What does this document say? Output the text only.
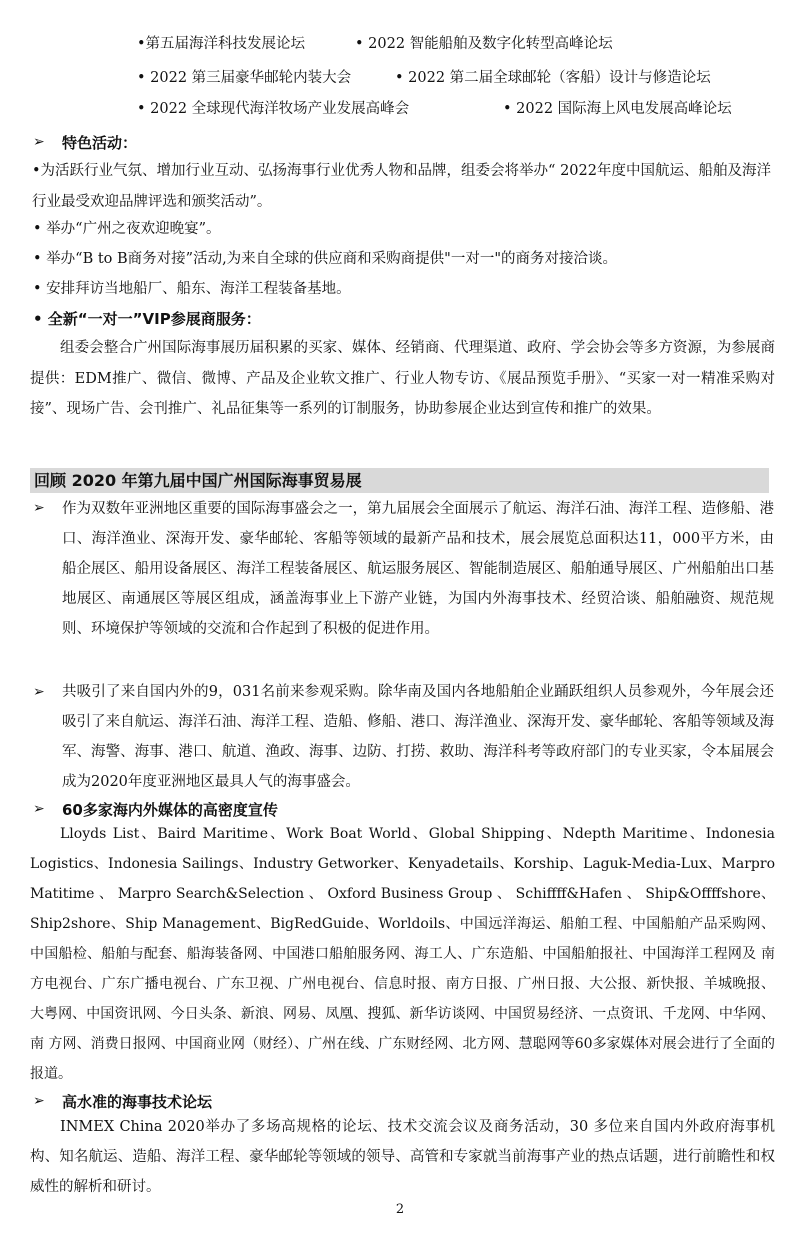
•第五届海洋科技发展论坛	• 2022 智能船舶及数字化转型高峰论坛
• 2022 第三届豪华邮轮内装大会	• 2022 第二届全球邮轮（客船）设计与修造论坛
• 2022 全球现代海洋牧场产业发展高峰会	• 2022 国际海上风电发展高峰论坛
➢ 特色活动：

•为活跃行业气氛、增加行业互动、弘扬海事行业优秀人物和品牌，组委会将举办“ 2022年度中国航运、船舶及海洋行业最受欢迎品牌评选和颁奖活动”。

• 举办“广州之夜欢迎晚宴”。
• 举办“B to B商务对接”活动,为来自全球的供应商和采购商提供"一对一"的商务对接洽谈。
• 安排拜访当地船厂、船东、海洋工程装备基地。
• 全新“一对一”VIP参展商服务：
组委会整合广州国际海事展历届积累的买家、媒体、经销商、代理渠道、政府、学会协会等多方资源，为参展商提供：EDM推广、微信、微博、产品及企业软文推广、行业人物专访、《展品预览手册》、“买家一对一精准采购对接”、现场广告、会刊推广、礼品征集等一系列的订制服务，协助参展企业达到宣传和推广的效果。
回顾 2020 年第九届中国广州国际海事贸易展
➢ 作为双数年亚洲地区重要的国际海事盛会之一，第九届展会全面展示了航运、海洋石油、海洋工程、造修船、港口、海洋渔业、深海开发、豪华邮轮、客船等领域的最新产品和技术，展会展览总面积达11，000平方米，由船企展区、船用设备展区、海洋工程装备展区、航运服务展区、智能制造展区、船舶通导展区、广州船舶出口基地展区、南通展区等展区组成，涵盖海事业上下游产业链，为国内外海事技术、经贸洽谈、船舶融资、规范规则、环境保护等领域的交流和合作起到了积极的促进作用。
➢ 共吸引了来自国内外的9，031名前来参观采购。除华南及国内各地船舶企业踊跃组织人员参观外，今年展会还吸引了来自航运、海洋石油、海洋工程、造船、修船、港口、海洋渔业、深海开发、豪华邮轮、客船等领域及海军、海警、海事、港口、航道、渔政、海事、边防、打捞、救助、海洋科考等政府部门的专业买家，令本届展会成为2020年度亚洲地区最具人气的海事盛会。
➢ 60多家海内外媒体的高密度宣传
Lloyds List、Baird Maritime、Work Boat World、Global Shipping、Ndepth Maritime、Indonesia Logistics、Indonesia Sailings、Industry Getworker、Kenyadetails、Korship、Laguk-Media-Lux、Marpro Matitime 、 Marpro Search&Selection 、 Oxford Business Group 、 Schiffff&Hafen 、 Ship&Offffshore、 Ship2shore、Ship Management、BigRedGuide、Worldoils、中国远洋海运、船舶工程、中国船舶产品采购网、 中国船检、船舶与配套、船海装备网、中国港口船舶服务网、海工人、广东造船、中国船舶报社、中国海洋工程网及 南方电视台、广东广播电视台、广东卫视、广州电视台、信息时报、南方日报、广州日报、大公报、新快报、羊城晚报、 大粤网、中国资讯网、今日头条、新浪、网易、凤凰、搜狐、新华访谈网、中国贸易经济、一点资讯、千龙网、中华网、南 方网、消费日报网、中国商业网（财经）、广州在线、广东财经网、北方网、慧聪网等60多家媒体对展会进行了全面的报道。
➢ 高水准的海事技术论坛
INMEX China 2020举办了多场高规格的论坛、技术交流会议及商务活动，30 多位来自国内外政府海事机构、知名航运、造船、海洋工程、豪华邮轮等领域的领导、高管和专家就当前海事产业的热点话题，进行前瞻性和权威性的解析和研讨。
2
